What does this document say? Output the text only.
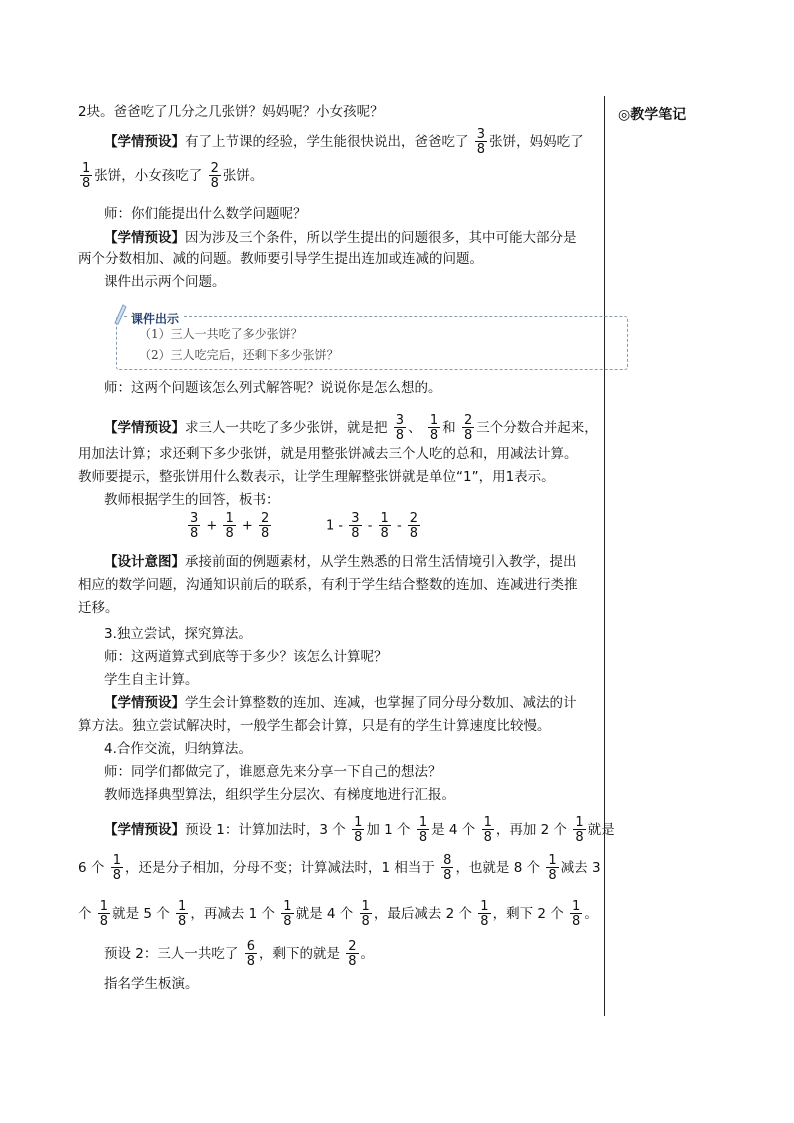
◎教学笔记
2块。爸爸吃了几分之几张饼？妈妈呢？小女孩呢？
【学情预设】有了上节课的经验，学生能很快说出，爸爸吃了 $\frac{3}{8}$ 张饼，妈妈吃了
$\frac{1}{8}$ 张饼，小女孩吃了 $\frac{2}{8}$ 张饼。
师：你们能提出什么数学问题呢？
【学情预设】因为涉及三个条件，所以学生提出的问题很多，其中可能大部分是
两个分数相加、减的问题。教师要引导学生提出连加或连减的问题。
课件出示两个问题。
课件出示
（1）三人一共吃了多少张饼？
（2）三人吃完后，还剩下多少张饼？
师：这两个问题该怎么列式解答呢？说说你是怎么想的。
【学情预设】求三人一共吃了多少张饼，就是把 $\frac{3}{8}$ 、 $\frac{1}{8}$ 和 $\frac{2}{8}$ 三个分数合并起来，
用加法计算；求还剩下多少张饼，就是用整张饼减去三个人吃的总和，用减法计算。
教师要提示，整张饼用什么数表示，让学生理解整张饼就是单位“1”，用1表示。
教师根据学生的回答，板书：
$\frac{3}{8} + \frac{1}{8} + \frac{2}{8}$	$1 - \frac{3}{8} - \frac{1}{8} - \frac{2}{8}$
【设计意图】承接前面的例题素材，从学生熟悉的日常生活情境引入教学，提出
相应的数学问题，沟通知识前后的联系，有利于学生结合整数的连加、连减进行类推
迁移。
3.独立尝试，探究算法。
师：这两道算式到底等于多少？该怎么计算呢？
学生自主计算。
【学情预设】学生会计算整数的连加、连减，也掌握了同分母分数加、减法的计
算方法。独立尝试解决时，一般学生都会计算，只是有的学生计算速度比较慢。
4.合作交流，归纳算法。
师：同学们都做完了，谁愿意先来分享一下自己的想法？
教师选择典型算法，组织学生分层次、有梯度地进行汇报。
【学情预设】预设 1：计算加法时，3 个 $\frac{1}{8}$ 加 1 个 $\frac{1}{8}$ 是 4 个 $\frac{1}{8}$ ，再加 2 个 $\frac{1}{8}$ 就是
6 个 $\frac{1}{8}$ ，还是分子相加，分母不变；计算减法时，1 相当于 $\frac{8}{8}$ ，也就是 8 个 $\frac{1}{8}$ 减去 3
个 $\frac{1}{8}$ 就是 5 个 $\frac{1}{8}$ ，再减去 1 个 $\frac{1}{8}$ 就是 4 个 $\frac{1}{8}$ ，最后减去 2 个 $\frac{1}{8}$ ，剩下 2 个 $\frac{1}{8}$ 。
预设 2：三人一共吃了 $\frac{6}{8}$ ，剩下的就是 $\frac{2}{8}$ 。
指名学生板演。
